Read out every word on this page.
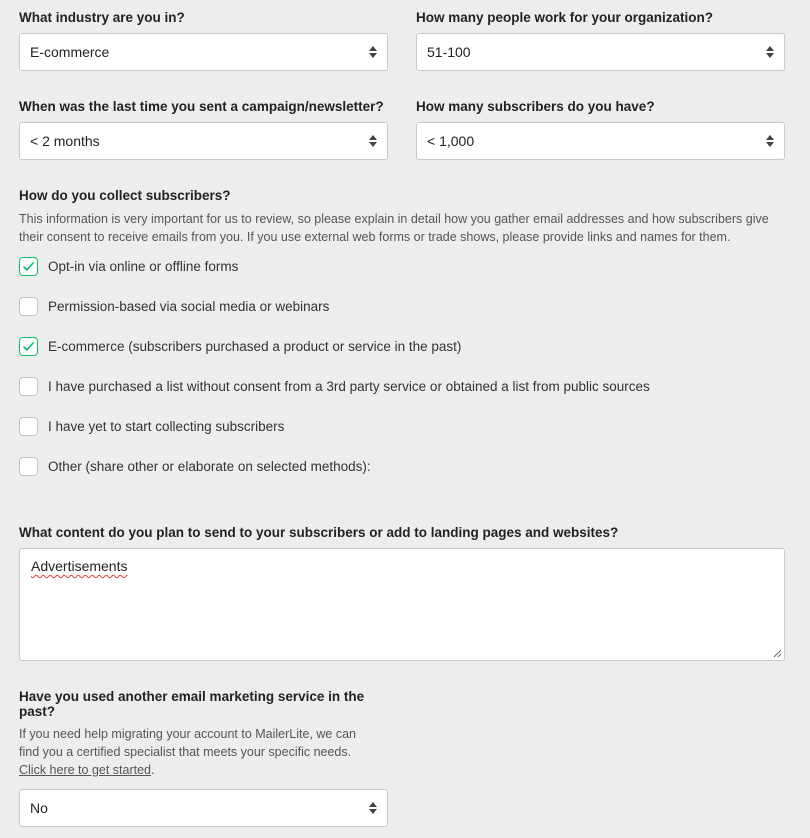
What industry are you in?
E-commerce
How many people work for your organization?
51-100
When was the last time you sent a campaign/newsletter?
< 2 months
How many subscribers do you have?
< 1,000
How do you collect subscribers?
This information is very important for us to review, so please explain in detail how you gather email addresses and how subscribers give their consent to receive emails from you. If you use external web forms or trade shows, please provide links and names for them.
Opt-in via online or offline forms
Permission-based via social media or webinars
E-commerce (subscribers purchased a product or service in the past)
I have purchased a list without consent from a 3rd party service or obtained a list from public sources
I have yet to start collecting subscribers
Other (share other or elaborate on selected methods):
What content do you plan to send to your subscribers or add to landing pages and websites?
Advertisements
Have you used another email marketing service in the past?
If you need help migrating your account to MailerLite, we can find you a certified specialist that meets your specific needs. Click here to get started.
No
